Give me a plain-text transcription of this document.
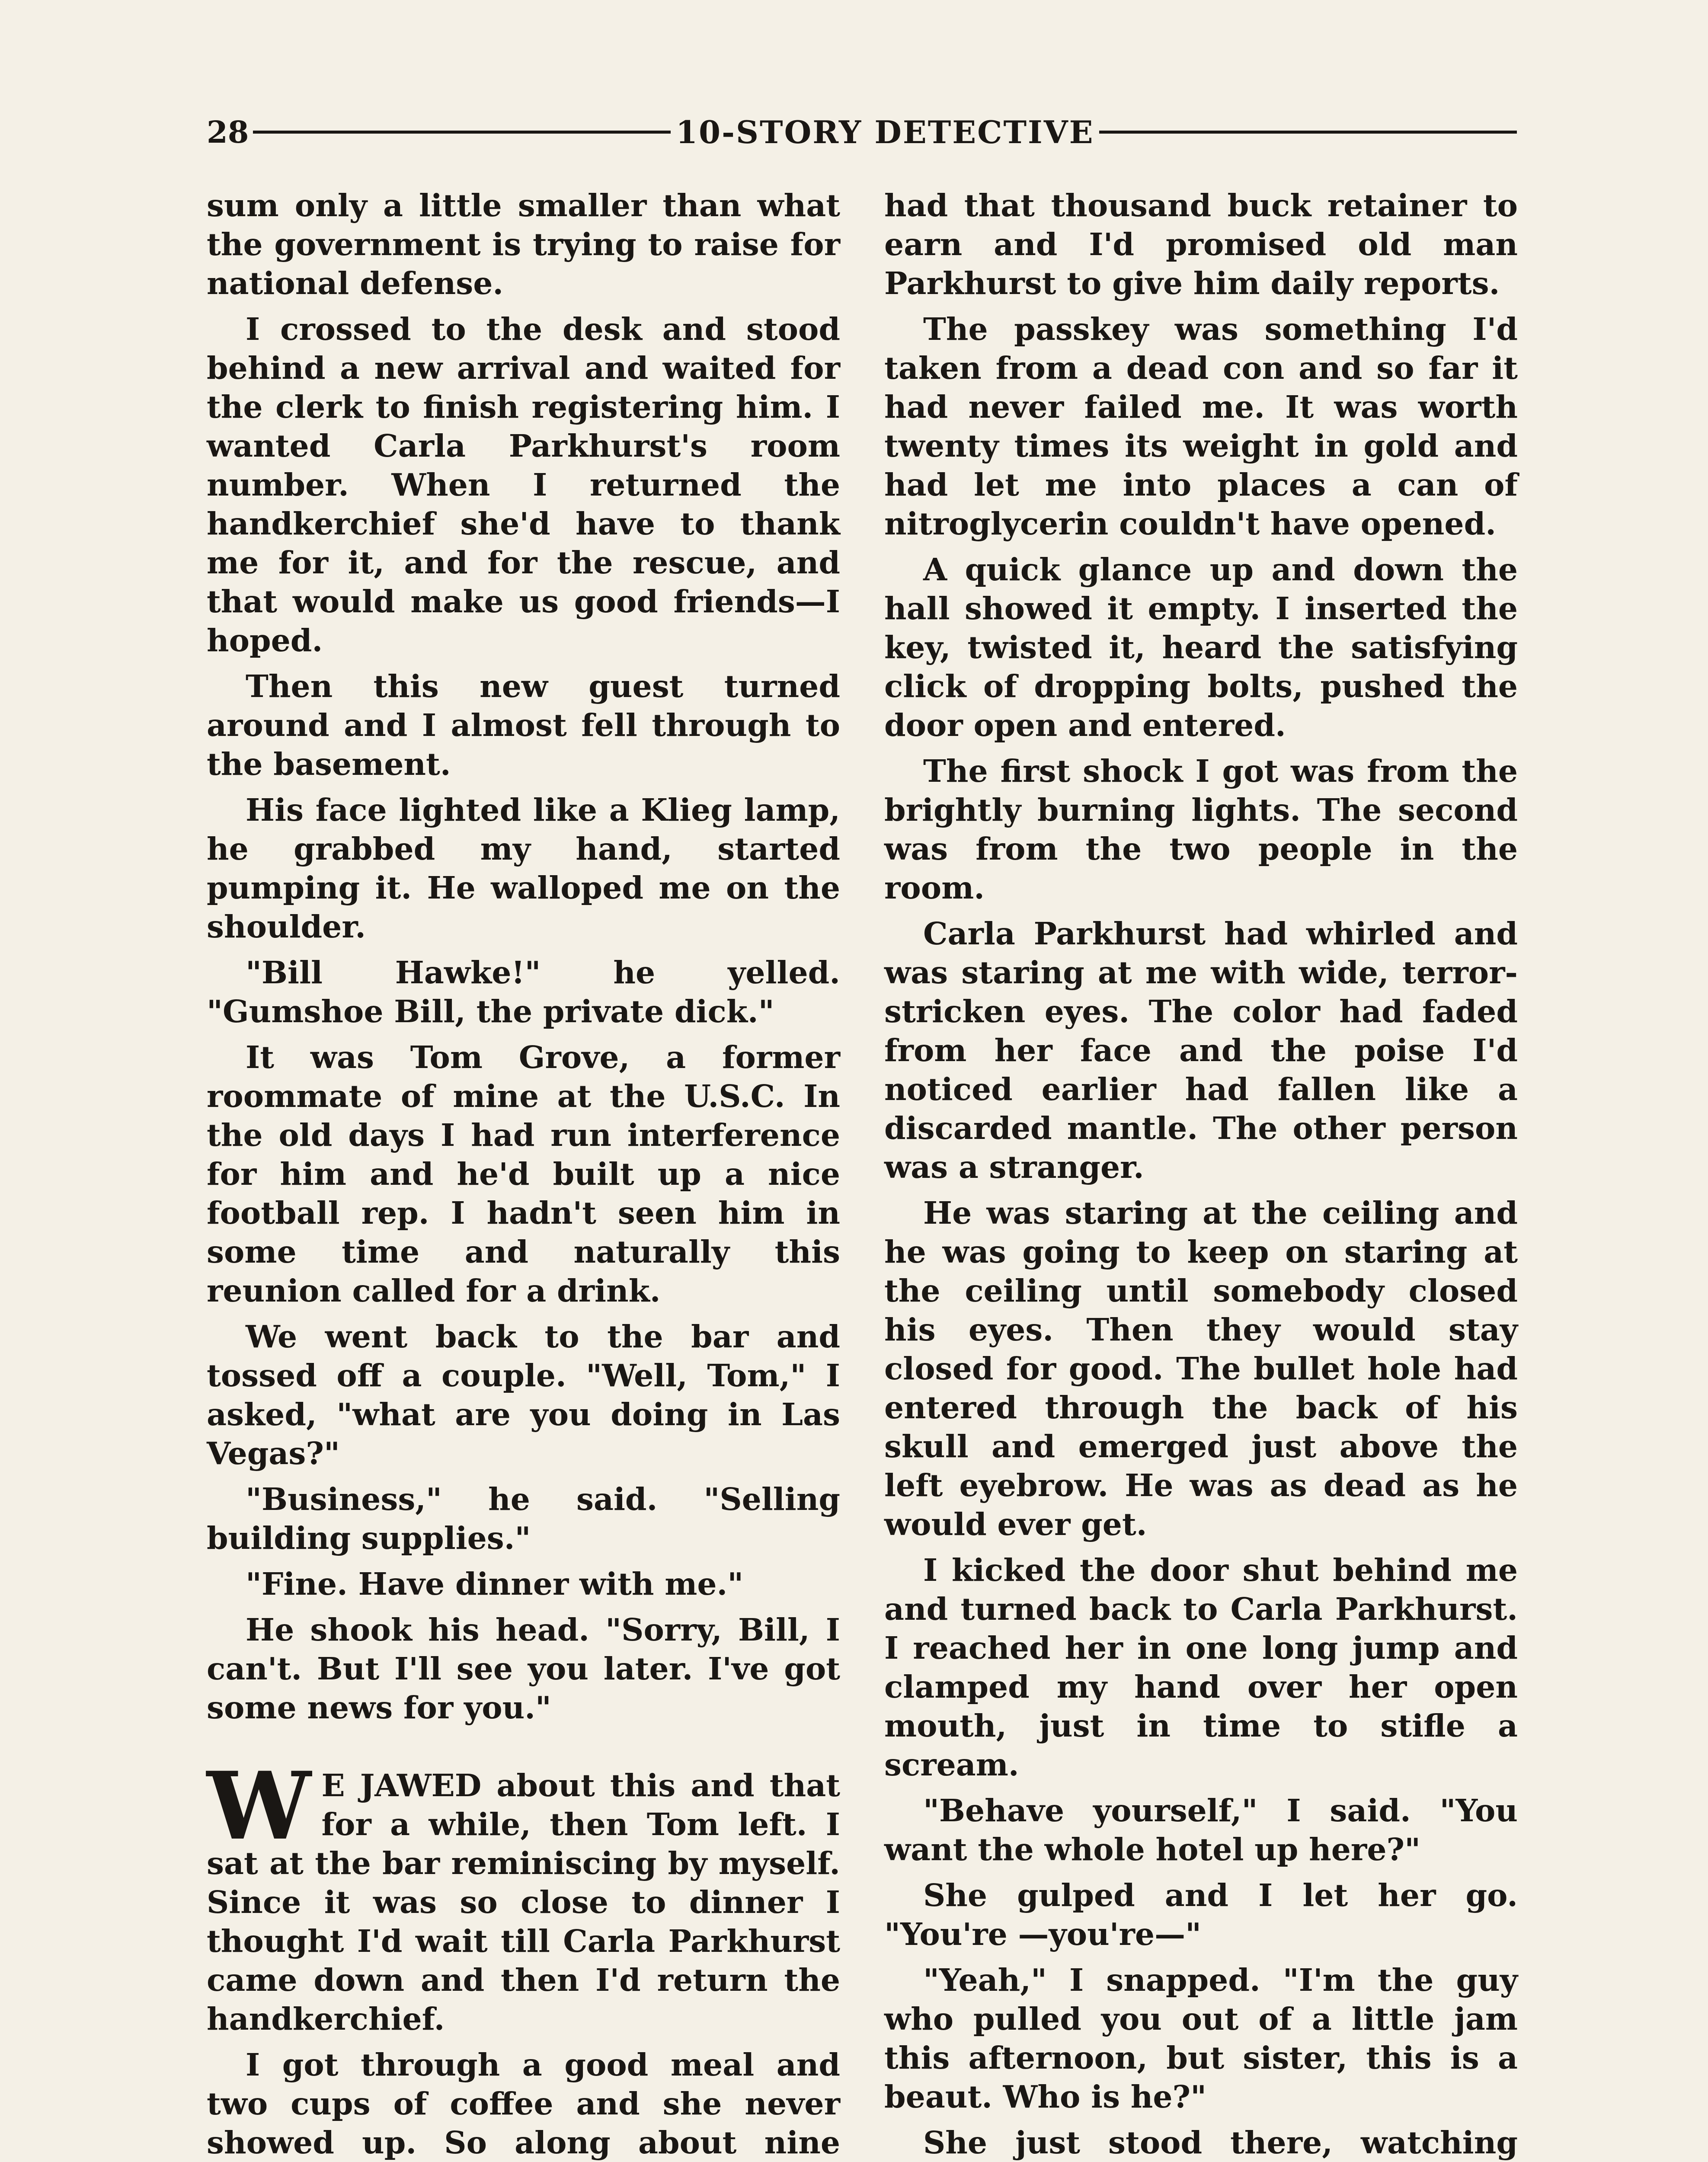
28	10-STORY DETECTIVE

sum only a little smaller than what the government is trying to raise for national defense.

I crossed to the desk and stood behind a new arrival and waited for the clerk to finish registering him. I wanted Carla Parkhurst's room number. When I returned the handkerchief she'd have to thank me for it, and for the rescue, and that would make us good friends—I hoped.

Then this new guest turned around and I almost fell through to the basement.

His face lighted like a Klieg lamp, he grabbed my hand, started pumping it. He walloped me on the shoulder.

"Bill Hawke!" he yelled. "Gumshoe Bill, the private dick."

It was Tom Grove, a former roommate of mine at the U.S.C. In the old days I had run interference for him and he'd built up a nice football rep. I hadn't seen him in some time and naturally this reunion called for a drink.

We went back to the bar and tossed off a couple. "Well, Tom," I asked, "what are you doing in Las Vegas?"

"Business," he said. "Selling building supplies."

"Fine. Have dinner with me."

He shook his head. "Sorry, Bill, I can't. But I'll see you later. I've got some news for you."

W E JAWED about this and that for a while, then Tom left. I sat at the bar reminiscing by myself. Since it was so close to dinner I thought I'd wait till Carla Parkhurst came down and then I'd return the handkerchief.

I got through a good meal and two cups of coffee and she never showed up. So along about nine

had that thousand buck retainer to earn and I'd promised old man Parkhurst to give him daily reports.

The passkey was something I'd taken from a dead con and so far it had never failed me. It was worth twenty times its weight in gold and had let me into places a can of nitroglycerin couldn't have opened.

A quick glance up and down the hall showed it empty. I inserted the key, twisted it, heard the satisfying click of dropping bolts, pushed the door open and entered.

The first shock I got was from the brightly burning lights. The second was from the two people in the room.

Carla Parkhurst had whirled and was staring at me with wide, terror-stricken eyes. The color had faded from her face and the poise I'd noticed earlier had fallen like a discarded mantle. The other person was a stranger.

He was staring at the ceiling and he was going to keep on staring at the ceiling until somebody closed his eyes. Then they would stay closed for good. The bullet hole had entered through the back of his skull and emerged just above the left eyebrow. He was as dead as he would ever get.

I kicked the door shut behind me and turned back to Carla Parkhurst. I reached her in one long jump and clamped my hand over her open mouth, just in time to stifle a scream.

"Behave yourself," I said. "You want the whole hotel up here?"

She gulped and I let her go. "You're —you're—"

"Yeah," I snapped. "I'm the guy who pulled you out of a little jam this afternoon, but sister, this is a beaut. Who is he?"

She just stood there, watching
